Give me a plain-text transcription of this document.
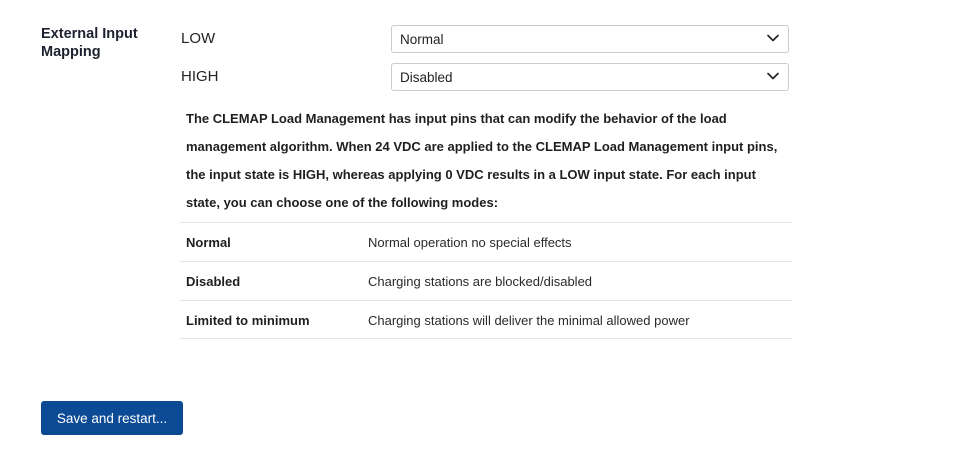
External Input Mapping
LOW	Normal
HIGH	Disabled
The CLEMAP Load Management has input pins that can modify the behavior of the load management algorithm. When 24 VDC are applied to the CLEMAP Load Management input pins, the input state is HIGH, whereas applying 0 VDC results in a LOW input state. For each input state, you can choose one of the following modes:
Normal	Normal operation no special effects
Disabled	Charging stations are blocked/disabled
Limited to minimum	Charging stations will deliver the minimal allowed power
Save and restart...
